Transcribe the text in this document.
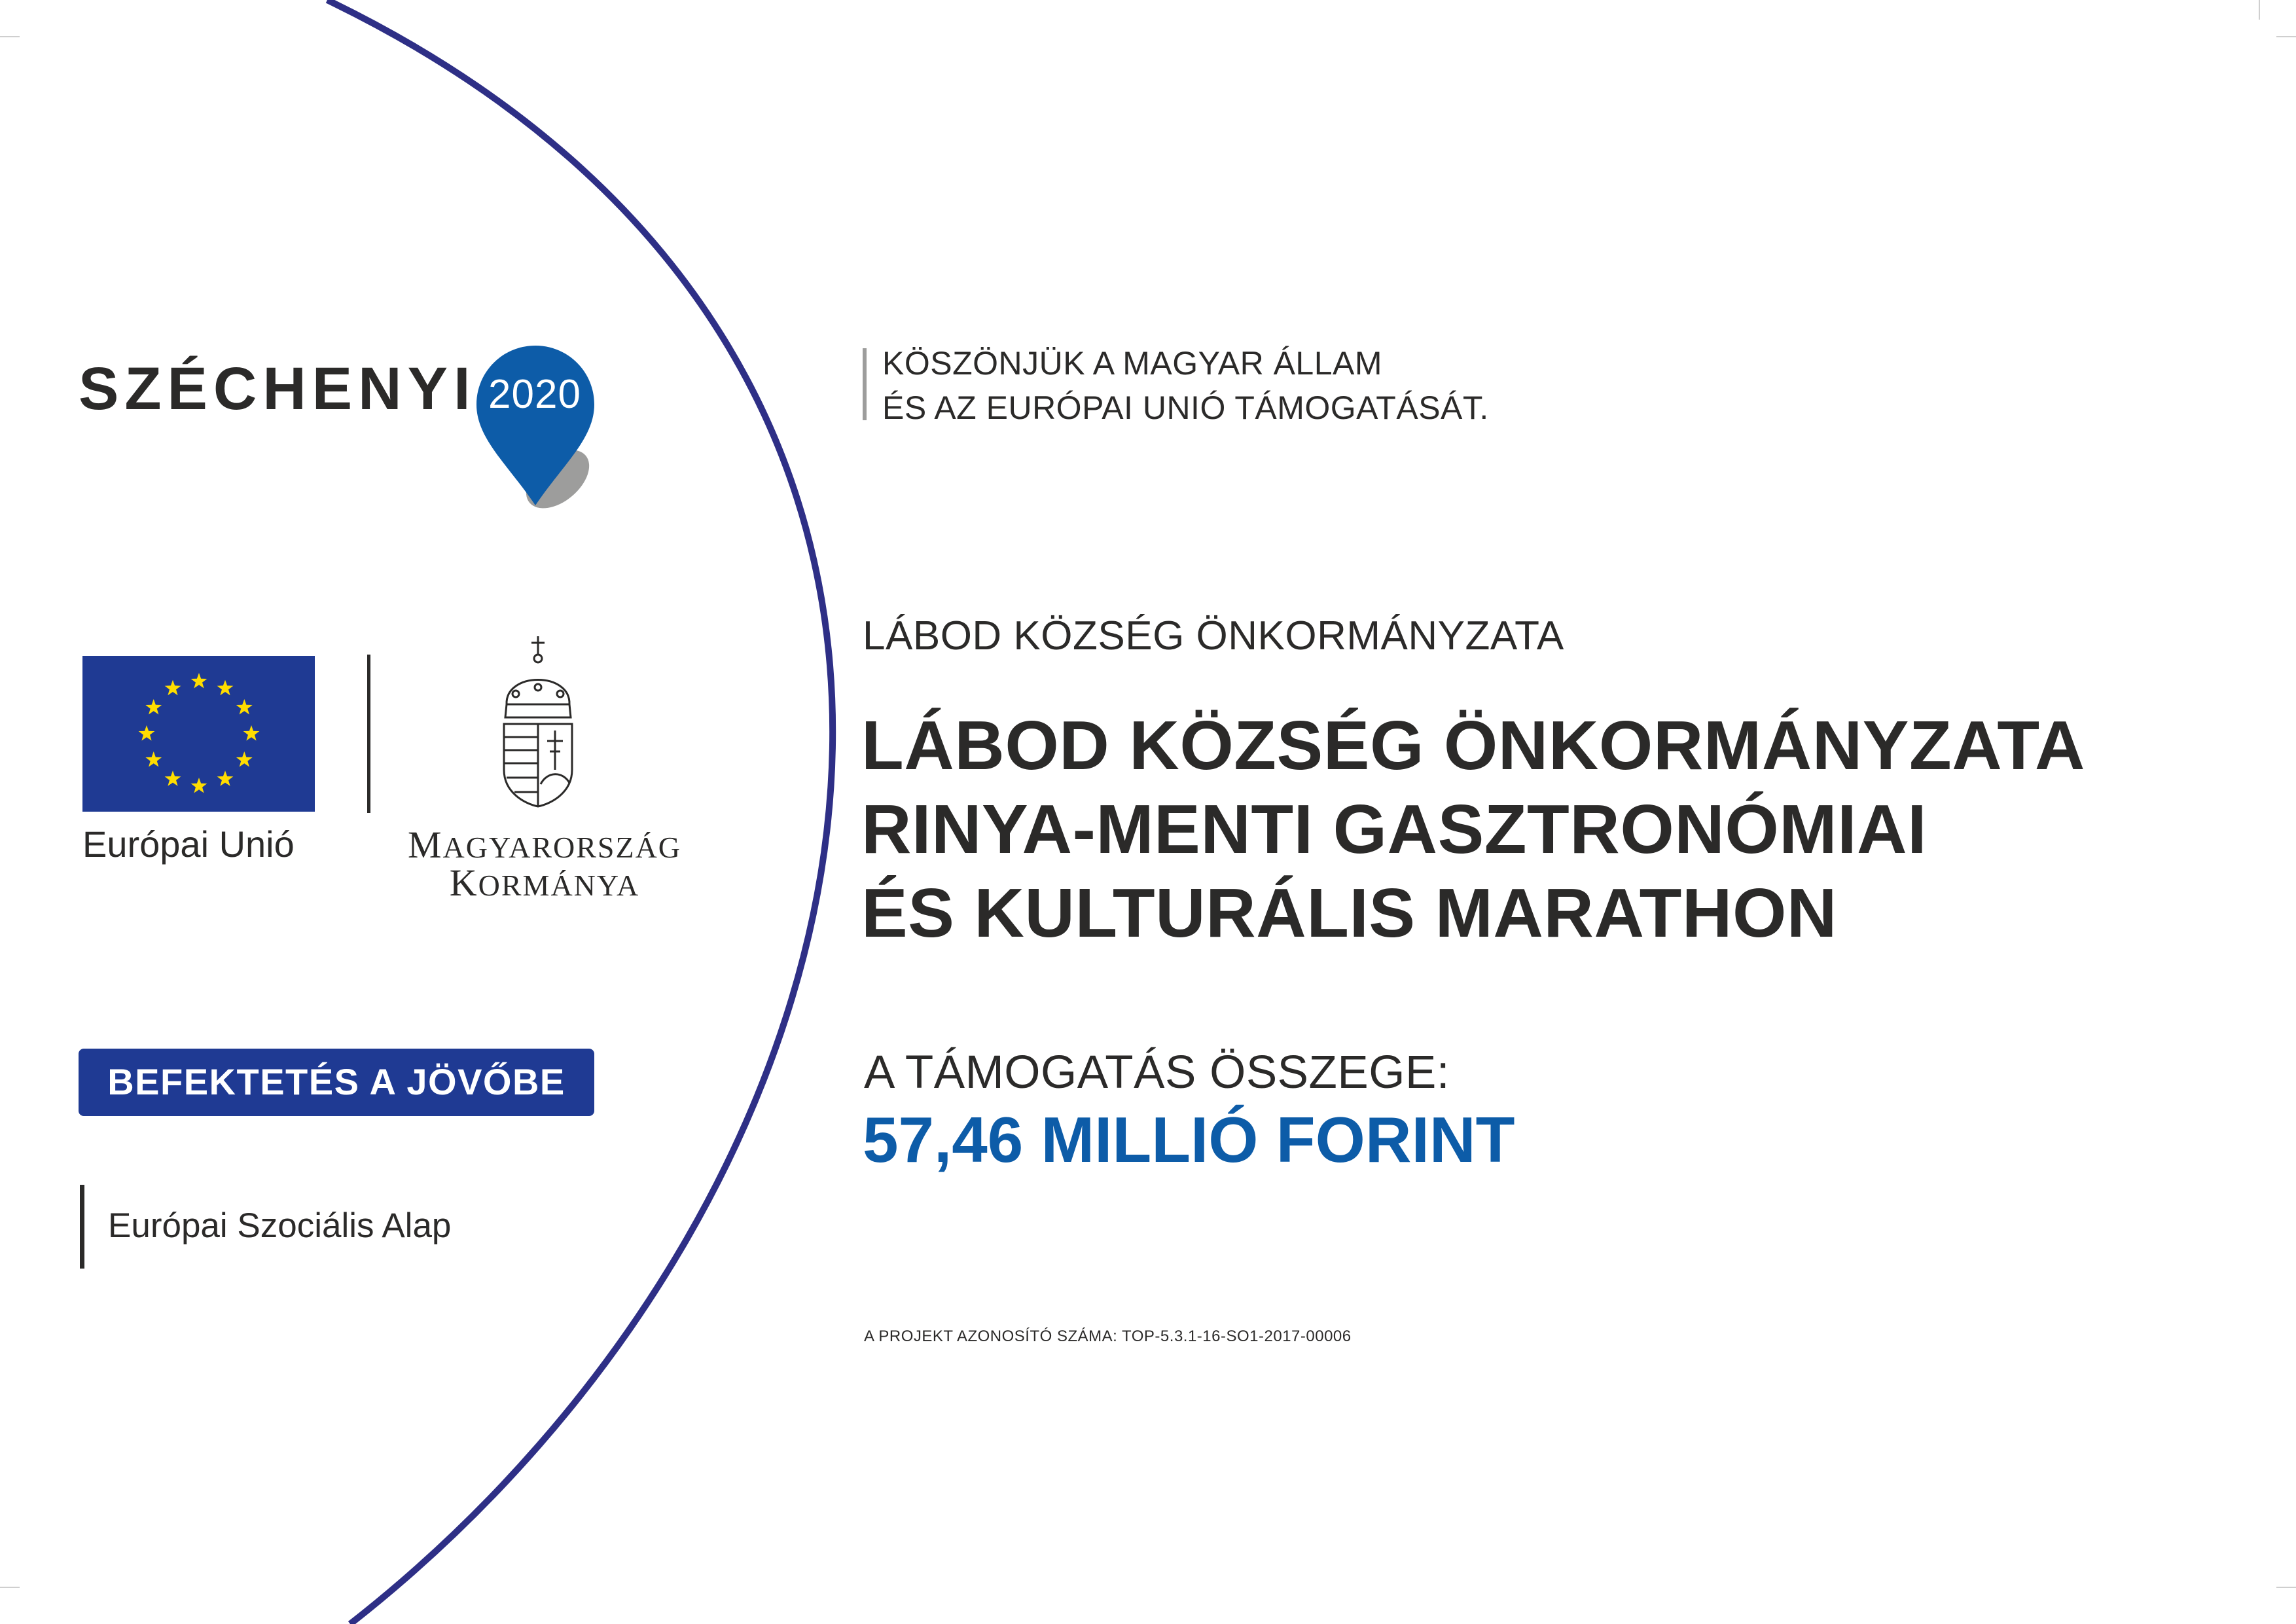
SZÉCHENYI 2020
KÖSZÖNJÜK A MAGYAR ÁLLAM
ÉS AZ EURÓPAI UNIÓ TÁMOGATÁSÁT.
Európai Unió	MAGYARORSZÁG
KORMÁNYA
BEFEKTETÉS A JÖVŐBE
Európai Szociális Alap
LÁBOD KÖZSÉG ÖNKORMÁNYZATA
LÁBOD KÖZSÉG ÖNKORMÁNYZATA
RINYA-MENTI GASZTRONÓMIAI
ÉS KULTURÁLIS MARATHON
A TÁMOGATÁS ÖSSZEGE:
57,46 MILLIÓ FORINT
A PROJEKT AZONOSÍTÓ SZÁMA: TOP-5.3.1-16-SO1-2017-00006
